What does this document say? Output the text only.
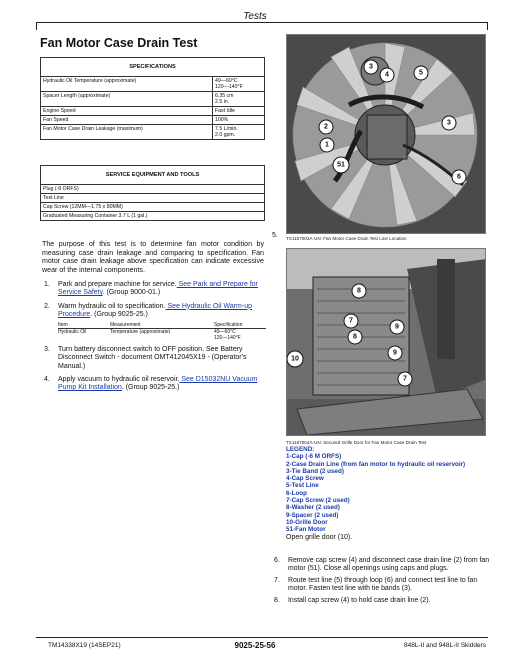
Tests
Fan Motor Case Drain Test
SPECIFICATIONS	
Hydraulic Oil Temperature (approximate)	49—60°C
120—140°F

Spacer Length (approximate)	6.35 cm
2.5 in.

Engine Speed	Fast Idle
Fan Speed	100%
Fan Motor Case Drain Leakage (maximum)	7.5 L/min.
2.0 gpm.
SERVICE EQUIPMENT AND TOOLS
Plug (-8 ORFS)
Test Line
Cap Screw (12MM—1.75 x 80MM)
Graduated Measuring Container 3.7 L (1 gal.)

The purpose of this test is to determine fan motor condition by measuring case drain leakage and comparing to specification. Fan motor case drain leakage above specification can indicate excessive wear of the internal components.

1. Park and prepare machine for service. See Park and Prepare for Service Safety. (Group 9000-01.)
2. Warm hydraulic oil to specification. See Hydraulic Oil Warm-up Procedure. (Group 9025-25.)
Item	Measurement	Specification
Hydraulic Oil	Temperature (approximate)	49—60°C
120—140°F
3. Turn battery disconnect switch to OFF position. See Battery Disconnect Switch - document OMT412045X19 - (Operator's Manual.)
4. Apply vacuum to hydraulic oil reservoir. See D15032NU Vacuum Pump Kit Installation. (Group 9025-25.)
3
4	5
2
3
1
51
6
5. TX1167003A-UN: Fan Motor Case Drain Test Line Location
8
7
8
9
9
10
7
TX1167004A-UN: Secured Grille Door for Fan Motor Case Drain Test
LEGEND:
1-Cap (-6 M ORFS)
2-Case Drain Line (from fan motor to hydraulic oil reservoir)
3-Tie Band (2 used)
4-Cap Screw
5-Test Line
6-Loop
7-Cap Screw (2 used)
8-Washer (2 used)
9-Spacer (2 used)
10-Grille Door
51-Fan Motor
Open grille door (10).
6. Remove cap screw (4) and disconnect case drain line (2) from fan motor (51). Close all openings using caps and plugs.
7. Route test line (5) through loop (6) and connect test line to fan motor. Fasten test line with tie bands (3).
8. Install cap screw (4) to hold case drain line (2).
TM14338X19 (14SEP21)	9025-25-56	848L-II and 948L-II Skidders
